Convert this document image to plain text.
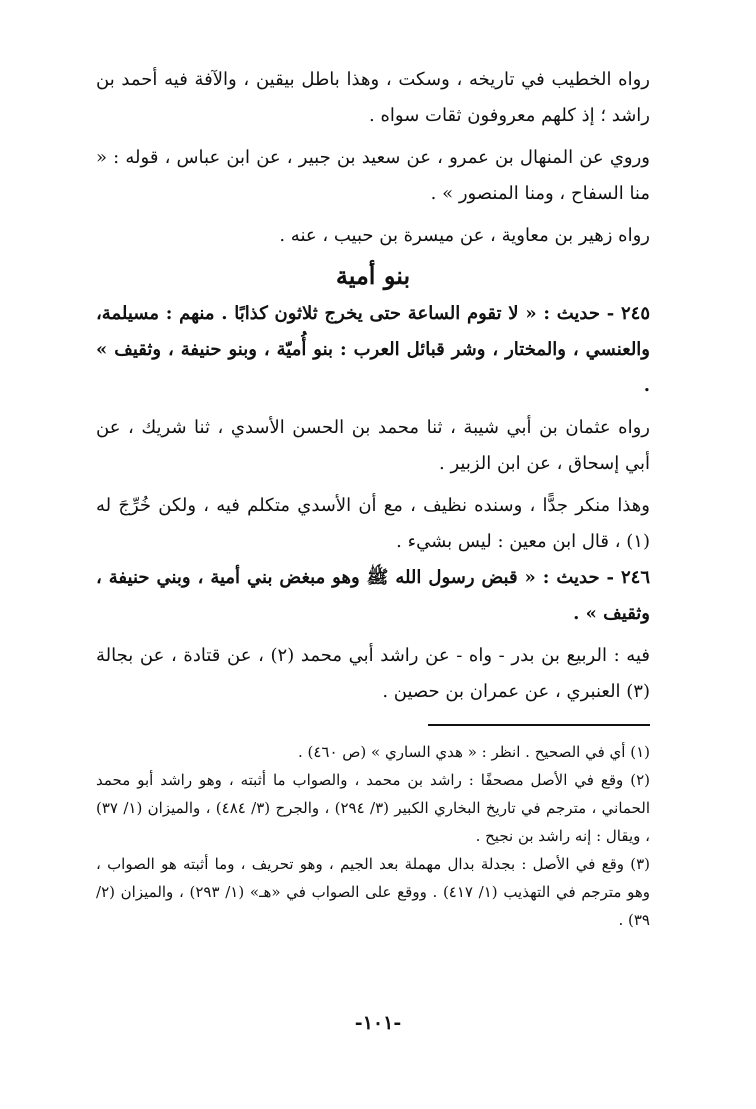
رواه الخطيب في تاريخه ، وسكت ، وهذا باطل بيقين ، والآفة فيه أحمد بن راشد ؛ إذ كلهم معروفون ثقات سواه .

وروي عن المنهال بن عمرو ، عن سعيد بن جبير ، عن ابن عباس ، قوله : « منا السفاح ، ومنا المنصور » .

رواه زهير بن معاوية ، عن ميسرة بن حبيب ، عنه .

بنو أمية

٢٤٥ - حديث : « لا تقوم الساعة حتى يخرج ثلاثون كذابًا . منهم : مسيلمة، والعنسي ، والمختار ، وشر قبائل العرب : بنو أُميّة ، وبنو حنيفة ، وثقيف » .

رواه عثمان بن أبي شيبة ، ثنا محمد بن الحسن الأسدي ، ثنا شريك ، عن أبي إسحاق ، عن ابن الزبير .

وهذا منكر جدًّا ، وسنده نظيف ، مع أن الأسدي متكلم فيه ، ولكن خُرِّجَ له (١) ، قال ابن معين : ليس بشيء .

٢٤٦ - حديث : « قبض رسول الله ﷺ وهو مبغض بني أمية ، وبني حنيفة ، وثقيف » .

فيه : الربيع بن بدر - واه - عن راشد أبي محمد (٢) ، عن قتادة ، عن بجالة (٣) العنبري ، عن عمران بن حصين .

(١) أي في الصحيح . انظر : « هدي الساري » (ص ٤٦٠) .

(٢) وقع في الأصل مصحفًا : راشد بن محمد ، والصواب ما أثبته ، وهو راشد أبو محمد الحماني ، مترجم في تاريخ البخاري الكبير (٣/ ٢٩٤) ، والجرح (٣/ ٤٨٤) ، والميزان (١/ ٣٧) ، ويقال : إنه راشد بن نجيح .

(٣) وقع في الأصل : بجدلة بدال مهملة بعد الجيم ، وهو تحريف ، وما أثبته هو الصواب ، وهو مترجم في التهذيب (١/ ٤١٧) . ووقع على الصواب في «هـ» (١/ ٢٩٣) ، والميزان (٢/ ٣٩) .

-١٠١-
